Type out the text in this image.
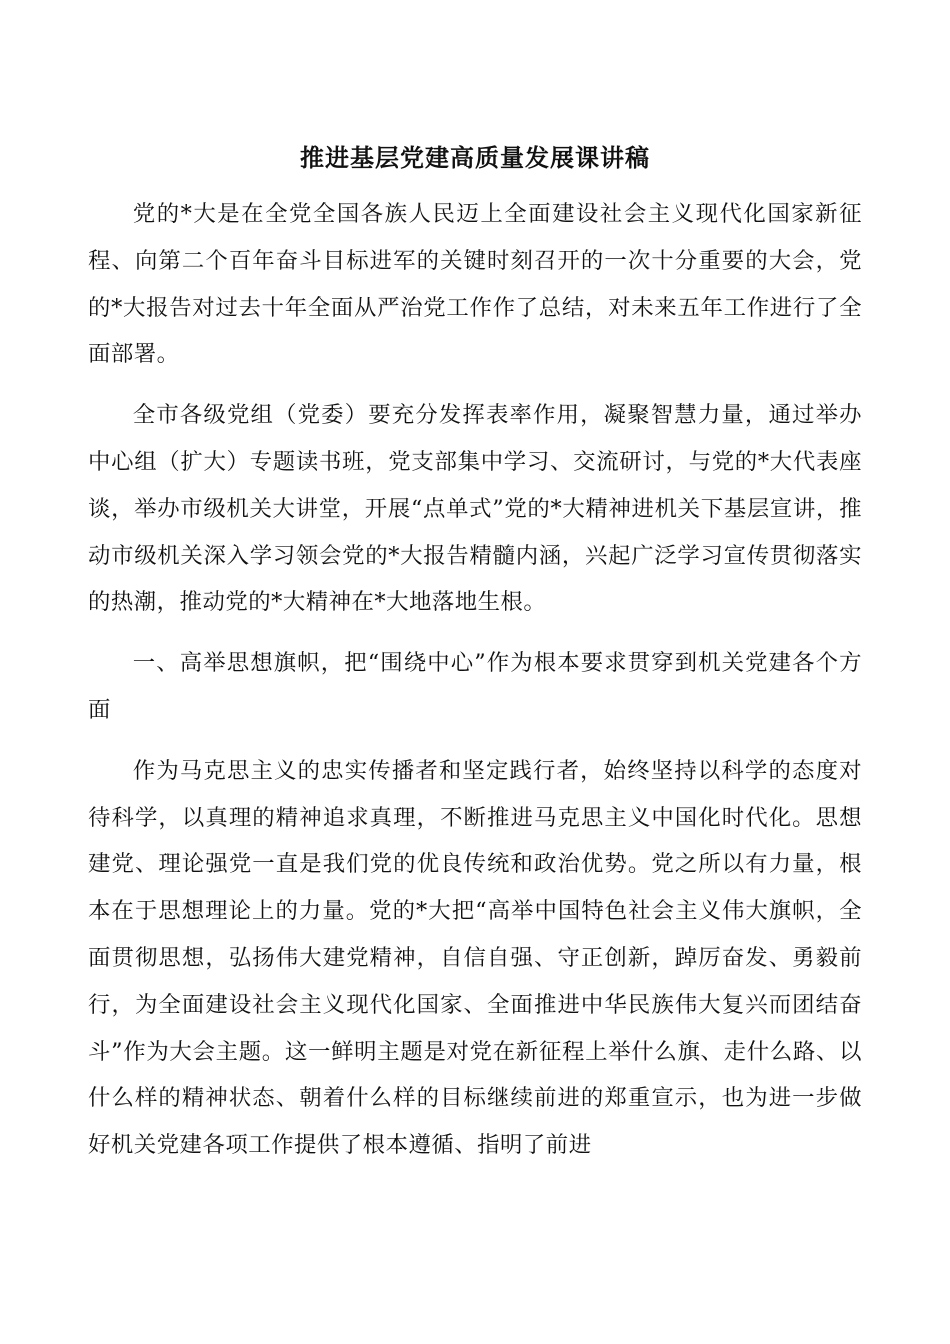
推进基层党建高质量发展课讲稿

党的*大是在全党全国各族人民迈上全面建设社会主义现代化国家新征程、向第二个百年奋斗目标进军的关键时刻召开的一次十分重要的大会，党的*大报告对过去十年全面从严治党工作作了总结，对未来五年工作进行了全面部署。

全市各级党组（党委）要充分发挥表率作用，凝聚智慧力量，通过举办中心组（扩大）专题读书班，党支部集中学习、交流研讨，与党的*大代表座谈，举办市级机关大讲堂，开展“点单式”党的*大精神进机关下基层宣讲，推动市级机关深入学习领会党的*大报告精髓内涵，兴起广泛学习宣传贯彻落实的热潮，推动党的*大精神在*大地落地生根。

一、高举思想旗帜，把“围绕中心”作为根本要求贯穿到机关党建各个方面

作为马克思主义的忠实传播者和坚定践行者，始终坚持以科学的态度对待科学，以真理的精神追求真理，不断推进马克思主义中国化时代化。思想建党、理论强党一直是我们党的优良传统和政治优势。党之所以有力量，根本在于思想理论上的力量。党的*大把“高举中国特色社会主义伟大旗帜，全面贯彻思想，弘扬伟大建党精神，自信自强、守正创新，踔厉奋发、勇毅前行，为全面建设社会主义现代化国家、全面推进中华民族伟大复兴而团结奋斗”作为大会主题。这一鲜明主题是对党在新征程上举什么旗、走什么路、以什么样的精神状态、朝着什么样的目标继续前进的郑重宣示，也为进一步做好机关党建各项工作提供了根本遵循、指明了前进
